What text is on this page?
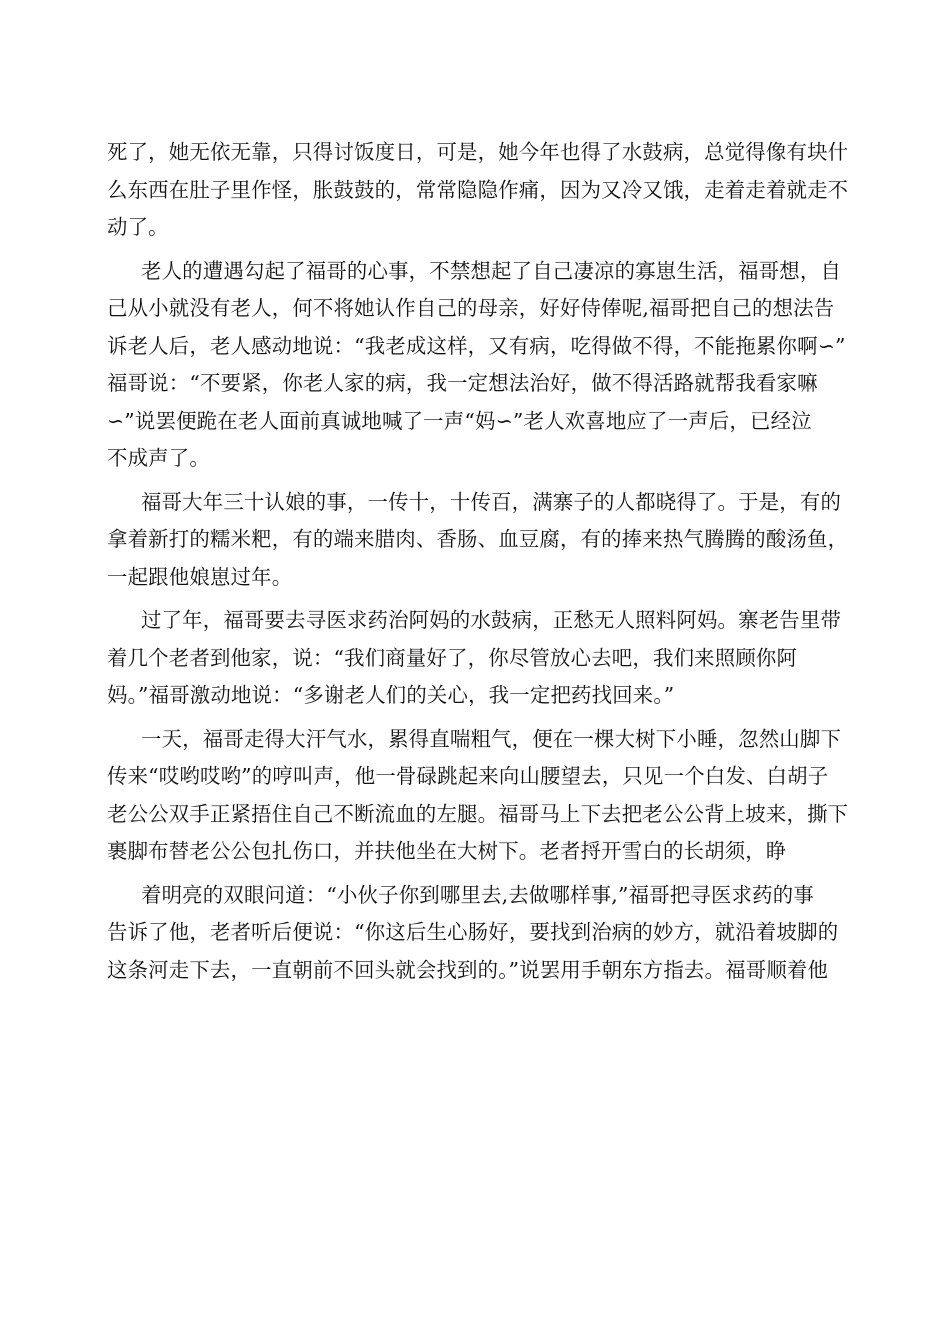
死了，她无依无靠，只得讨饭度日，可是，她今年也得了水鼓病，总觉得像有块什
么东西在肚子里作怪，胀鼓鼓的，常常隐隐作痛，因为又冷又饿，走着走着就走不
动了。
老人的遭遇勾起了福哥的心事，不禁想起了自己凄凉的寡崽生活，福哥想，自
己从小就没有老人，何不将她认作自己的母亲，好好侍俸呢,福哥把自己的想法告
诉老人后，老人感动地说：“我老成这样，又有病，吃得做不得，不能拖累你啊∽”
福哥说：“不要紧，你老人家的病，我一定想法治好，做不得活路就帮我看家嘛
∽”说罢便跪在老人面前真诚地喊了一声“妈∽”老人欢喜地应了一声后，已经泣
不成声了。
福哥大年三十认娘的事，一传十，十传百，满寨子的人都晓得了。于是，有的
拿着新打的糯米粑，有的端来腊肉、香肠、血豆腐，有的捧来热气腾腾的酸汤鱼，
一起跟他娘崽过年。
过了年，福哥要去寻医求药治阿妈的水鼓病，正愁无人照料阿妈。寨老告里带
着几个老者到他家，说：“我们商量好了，你尽管放心去吧，我们来照顾你阿
妈。”福哥激动地说：“多谢老人们的关心，我一定把药找回来。”
一天，福哥走得大汗气水，累得直喘粗气，便在一棵大树下小睡，忽然山脚下
传来“哎哟哎哟”的哼叫声，他一骨碌跳起来向山腰望去，只见一个白发、白胡子
老公公双手正紧捂住自己不断流血的左腿。福哥马上下去把老公公背上坡来，撕下
裹脚布替老公公包扎伤口，并扶他坐在大树下。老者捋开雪白的长胡须，睁
着明亮的双眼问道：“小伙子你到哪里去,去做哪样事,”福哥把寻医求药的事
告诉了他，老者听后便说：“你这后生心肠好，要找到治病的妙方，就沿着坡脚的
这条河走下去，一直朝前不回头就会找到的。”说罢用手朝东方指去。福哥顺着他
